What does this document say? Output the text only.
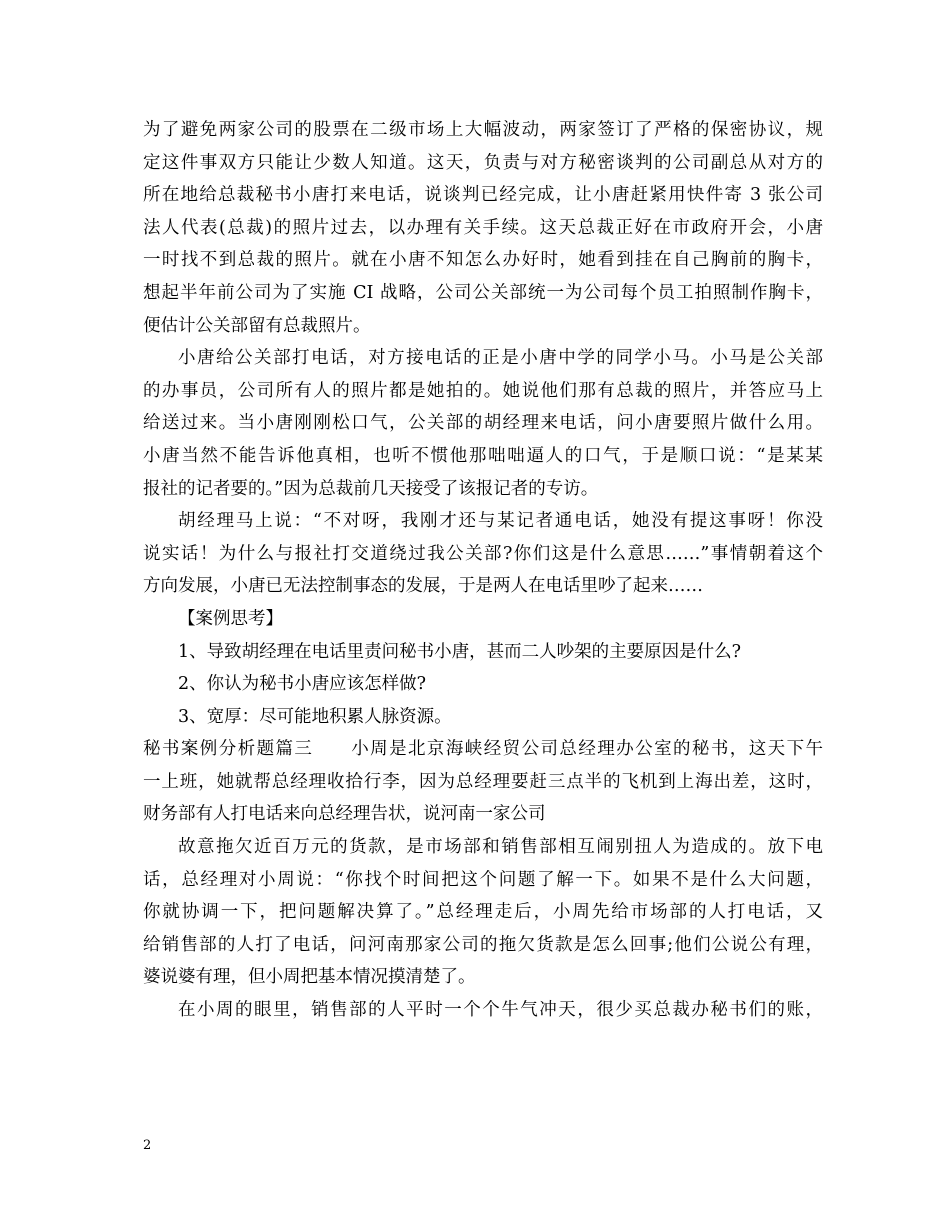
为了避免两家公司的股票在二级市场上大幅波动，两家签订了严格的保密协议，规
定这件事双方只能让少数人知道。这天，负责与对方秘密谈判的公司副总从对方的
所在地给总裁秘书小唐打来电话，说谈判已经完成，让小唐赶紧用快件寄 3 张公司
法人代表(总裁)的照片过去，以办理有关手续。这天总裁正好在市政府开会，小唐
一时找不到总裁的照片。就在小唐不知怎么办好时，她看到挂在自己胸前的胸卡，
想起半年前公司为了实施 CI 战略，公司公关部统一为公司每个员工拍照制作胸卡，
便估计公关部留有总裁照片。
小唐给公关部打电话，对方接电话的正是小唐中学的同学小马。小马是公关部
的办事员，公司所有人的照片都是她拍的。她说他们那有总裁的照片，并答应马上
给送过来。当小唐刚刚松口气，公关部的胡经理来电话，问小唐要照片做什么用。
小唐当然不能告诉他真相，也听不惯他那咄咄逼人的口气，于是顺口说：“是某某
报社的记者要的。”因为总裁前几天接受了该报记者的专访。
胡经理马上说：“不对呀，我刚才还与某记者通电话，她没有提这事呀！你没
说实话！为什么与报社打交道绕过我公关部?你们这是什么意思……”事情朝着这个
方向发展，小唐已无法控制事态的发展，于是两人在电话里吵了起来……
【案例思考】
1、导致胡经理在电话里责问秘书小唐，甚而二人吵架的主要原因是什么?
2、你认为秘书小唐应该怎样做?
3、宽厚：尽可能地积累人脉资源。
秘书案例分析题篇三　　小周是北京海峡经贸公司总经理办公室的秘书，这天下午
一上班，她就帮总经理收拾行李，因为总经理要赶三点半的飞机到上海出差，这时，
财务部有人打电话来向总经理告状，说河南一家公司
故意拖欠近百万元的货款，是市场部和销售部相互闹别扭人为造成的。放下电
话，总经理对小周说：“你找个时间把这个问题了解一下。如果不是什么大问题，
你就协调一下，把问题解决算了。”总经理走后，小周先给市场部的人打电话，又
给销售部的人打了电话，问河南那家公司的拖欠货款是怎么回事;他们公说公有理，
婆说婆有理，但小周把基本情况摸清楚了。
在小周的眼里，销售部的人平时一个个牛气冲天，很少买总裁办秘书们的账，
2
